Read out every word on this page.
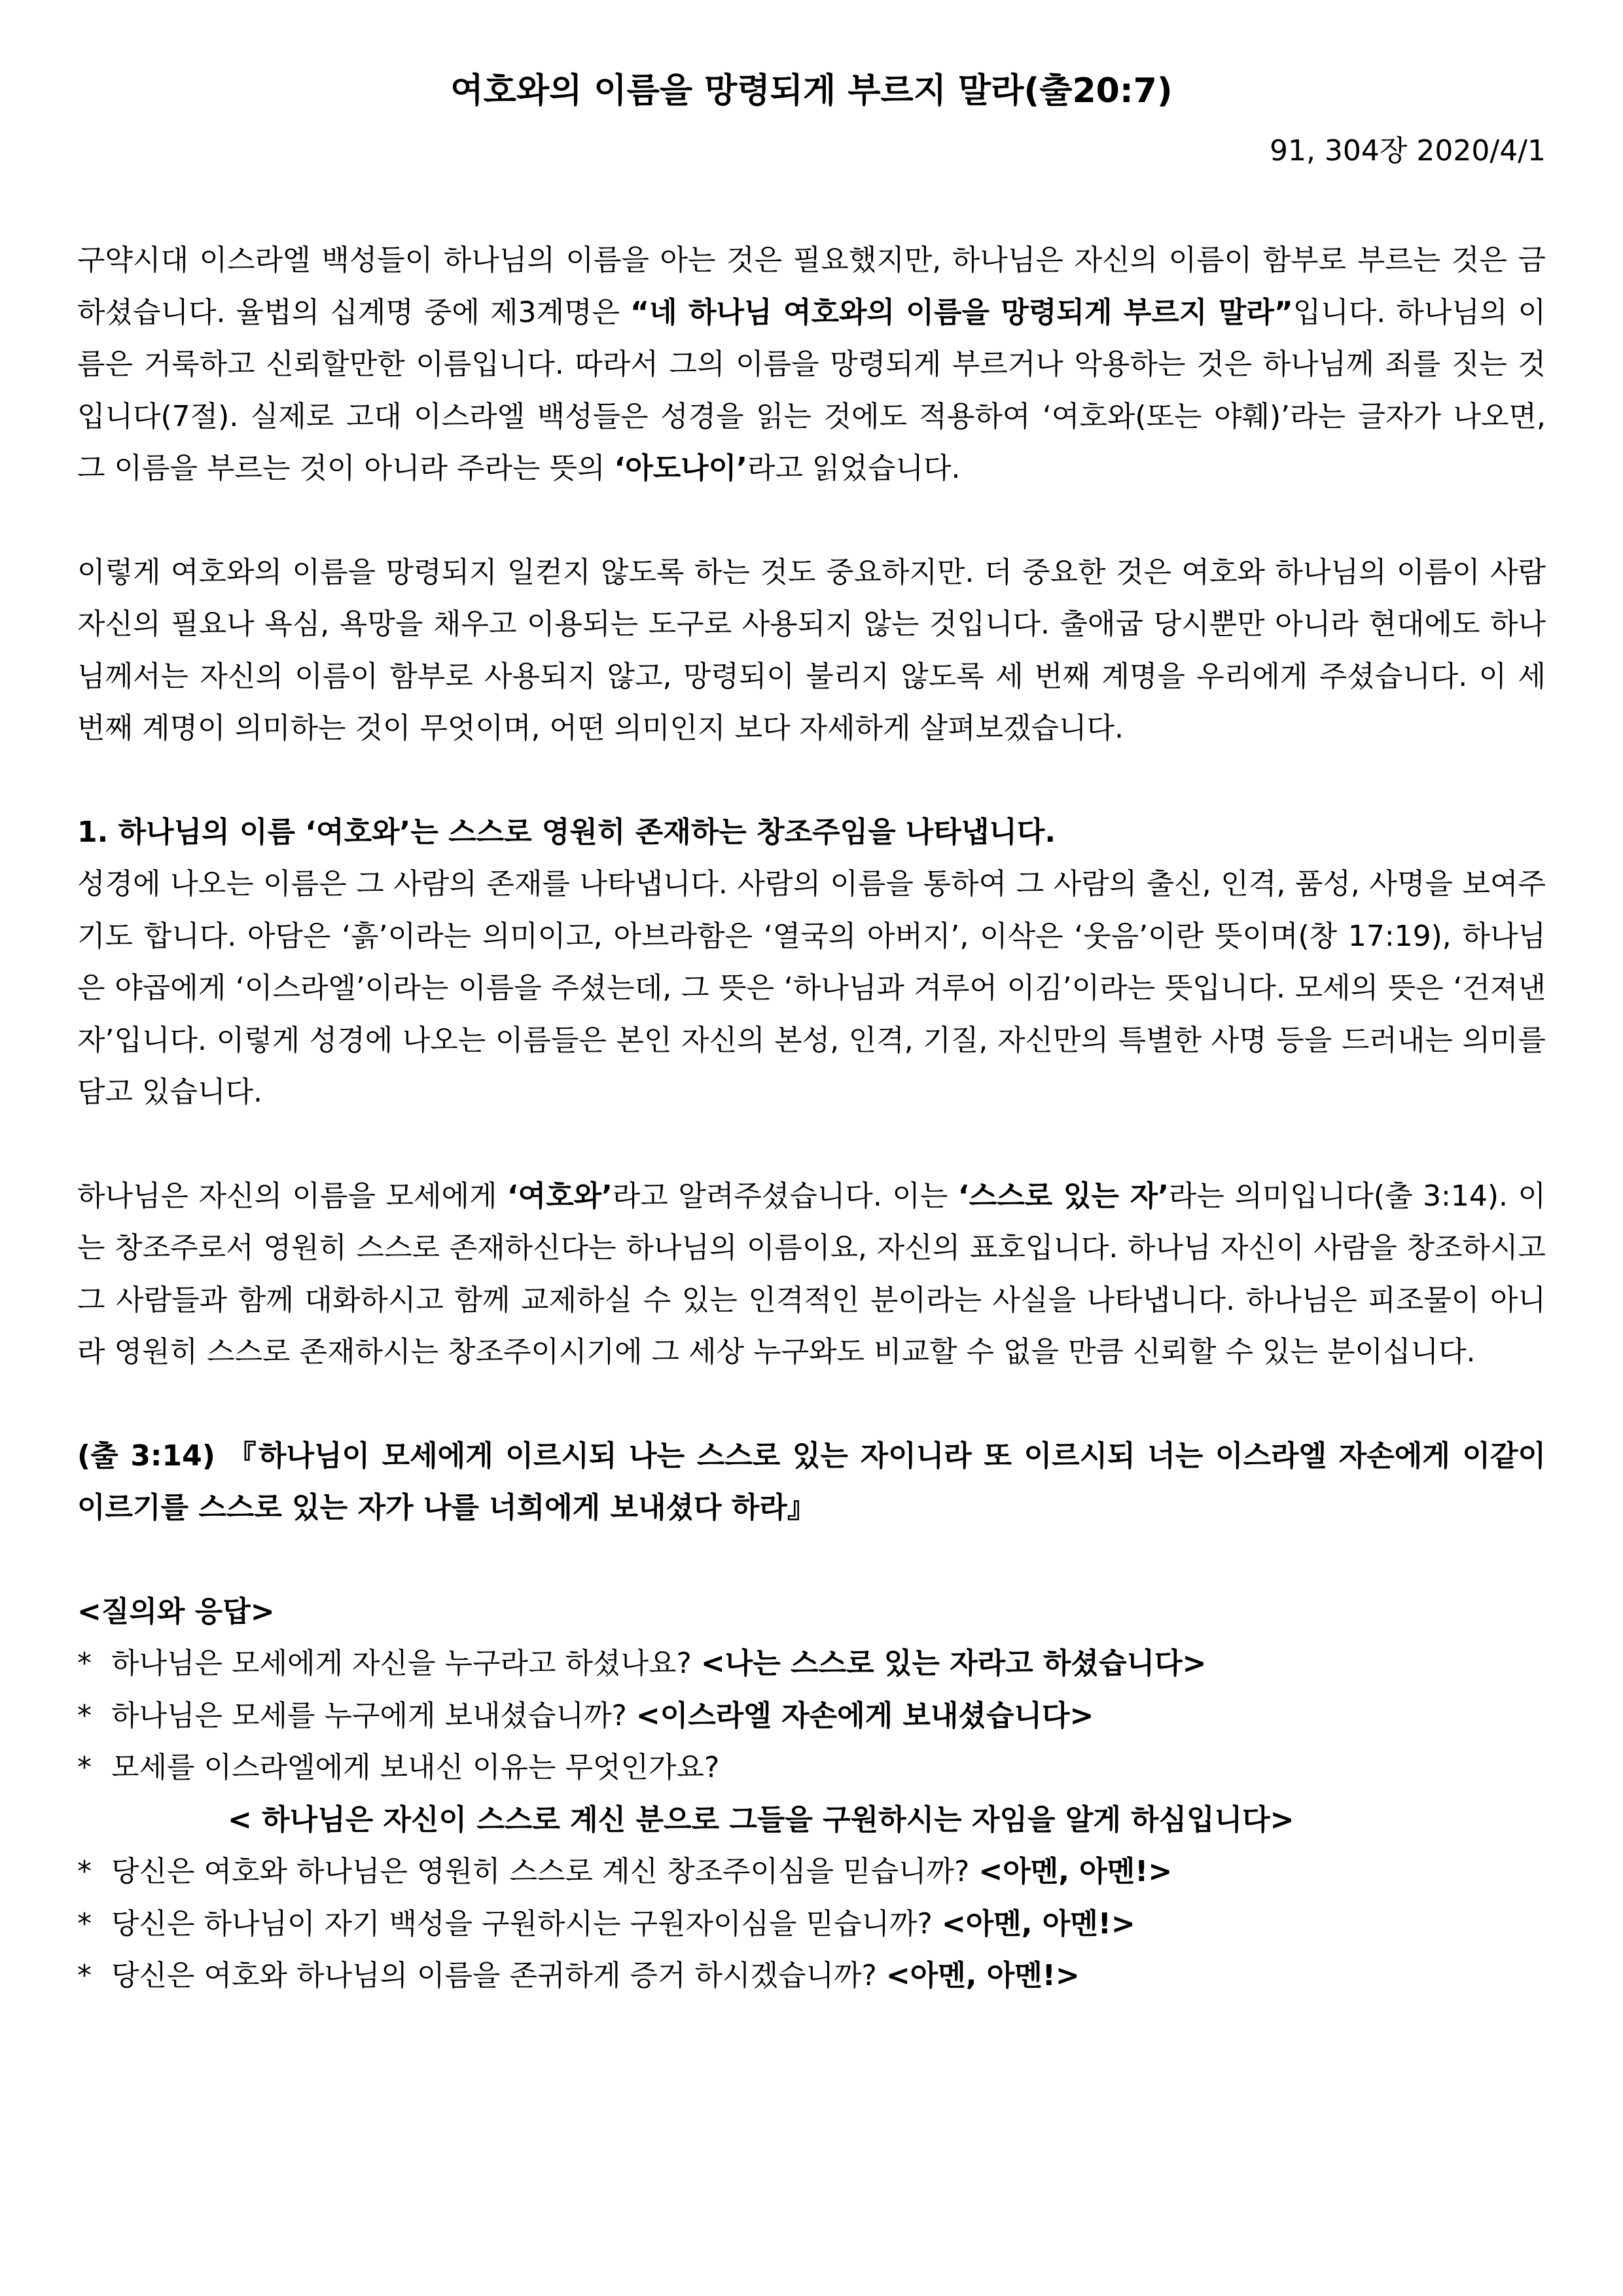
여호와의 이름을 망령되게 부르지 말라(출20:7)
91, 304장 2020/4/1

구약시대 이스라엘 백성들이 하나님의 이름을 아는 것은 필요했지만, 하나님은 자신의 이름이 함부로 부르는 것은 금하셨습니다. 율법의 십계명 중에 제3계명은 “네 하나님 여호와의 이름을 망령되게 부르지 말라”입니다. 하나님의 이름은 거룩하고 신뢰할만한 이름입니다. 따라서 그의 이름을 망령되게 부르거나 악용하는 것은 하나님께 죄를 짓는 것입니다(7절). 실제로 고대 이스라엘 백성들은 성경을 읽는 것에도 적용하여 ‘여호와(또는 야훼)’라는 글자가 나오면, 그 이름을 부르는 것이 아니라 주라는 뜻의 ‘아도나이’라고 읽었습니다.

이렇게 여호와의 이름을 망령되지 일컫지 않도록 하는 것도 중요하지만. 더 중요한 것은 여호와 하나님의 이름이 사람 자신의 필요나 욕심, 욕망을 채우고 이용되는 도구로 사용되지 않는 것입니다. 출애굽 당시뿐만 아니라 현대에도 하나님께서는 자신의 이름이 함부로 사용되지 않고, 망령되이 불리지 않도록 세 번째 계명을 우리에게 주셨습니다. 이 세 번째 계명이 의미하는 것이 무엇이며, 어떤 의미인지 보다 자세하게 살펴보겠습니다.

1. 하나님의 이름 ‘여호와’는 스스로 영원히 존재하는 창조주임을 나타냅니다.

성경에 나오는 이름은 그 사람의 존재를 나타냅니다. 사람의 이름을 통하여 그 사람의 출신, 인격, 품성, 사명을 보여주기도 합니다. 아담은 ‘흙’이라는 의미이고, 아브라함은 ‘열국의 아버지’, 이삭은 ‘웃음’이란 뜻이며(창 17:19), 하나님은 야곱에게 ‘이스라엘’이라는 이름을 주셨는데, 그 뜻은 ‘하나님과 겨루어 이김’이라는 뜻입니다. 모세의 뜻은 ‘건져낸 자’입니다. 이렇게 성경에 나오는 이름들은 본인 자신의 본성, 인격, 기질, 자신만의 특별한 사명 등을 드러내는 의미를 담고 있습니다.

하나님은 자신의 이름을 모세에게 ‘여호와’라고 알려주셨습니다. 이는 ‘스스로 있는 자’라는 의미입니다(출 3:14). 이는 창조주로서 영원히 스스로 존재하신다는 하나님의 이름이요, 자신의 표호입니다. 하나님 자신이 사람을 창조하시고 그 사람들과 함께 대화하시고 함께 교제하실 수 있는 인격적인 분이라는 사실을 나타냅니다. 하나님은 피조물이 아니라 영원히 스스로 존재하시는 창조주이시기에 그 세상 누구와도 비교할 수 없을 만큼 신뢰할 수 있는 분이십니다.

(출 3:14) 『하나님이 모세에게 이르시되 나는 스스로 있는 자이니라 또 이르시되 너는 이스라엘 자손에게 이같이 이르기를 스스로 있는 자가 나를 너희에게 보내셨다 하라』

<질의와 응답>

* 하나님은 모세에게 자신을 누구라고 하셨나요? <나는 스스로 있는 자라고 하셨습니다>

* 하나님은 모세를 누구에게 보내셨습니까? <이스라엘 자손에게 보내셨습니다>

* 모세를 이스라엘에게 보내신 이유는 무엇인가요?

< 하나님은 자신이 스스로 계신 분으로 그들을 구원하시는 자임을 알게 하심입니다>

* 당신은 여호와 하나님은 영원히 스스로 계신 창조주이심을 믿습니까? <아멘, 아멘!>

* 당신은 하나님이 자기 백성을 구원하시는 구원자이심을 믿습니까? <아멘, 아멘!>

* 당신은 여호와 하나님의 이름을 존귀하게 증거 하시겠습니까? <아멘, 아멘!>
